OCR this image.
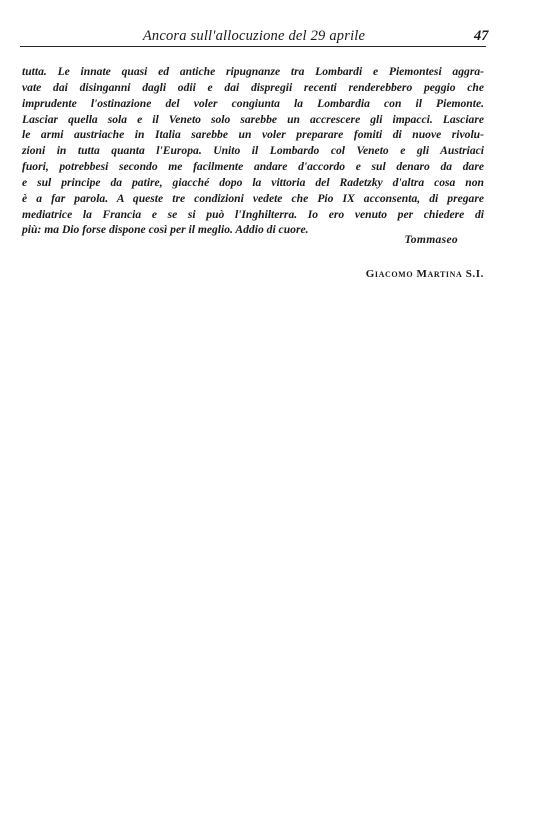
Ancora sull'allocuzione del 29 aprile	47

tutta. Le innate quasi ed antiche ripugnanze tra Lombardi e Piemontesi aggra-
vate dai disinganni dagli odii e dai dispregii recenti renderebbero peggio che
imprudente l'ostinazione del voler congiunta la Lombardia con il Piemonte.
Lasciar quella sola e il Veneto solo sarebbe un accrescere gli impacci. Lasciare
le armi austriache in Italia sarebbe un voler preparare fomiti di nuove rivolu-
zioni in tutta quanta l'Europa. Unito il Lombardo col Veneto e gli Austriaci
fuori, potrebbesi secondo me facilmente andare d'accordo e sul denaro da dare
e sul principe da patire, giacché dopo la vittoria del Radetzky d'altra cosa non
è a far parola. A queste tre condizioni vedete che Pio IX acconsenta, di pregare
mediatrice la Francia e se si può l'Inghilterra. Io ero venuto per chiedere di
più: ma Dio forse dispone così per il meglio. Addio di cuore.

Tommaseo
Giacomo Martina S.I.
